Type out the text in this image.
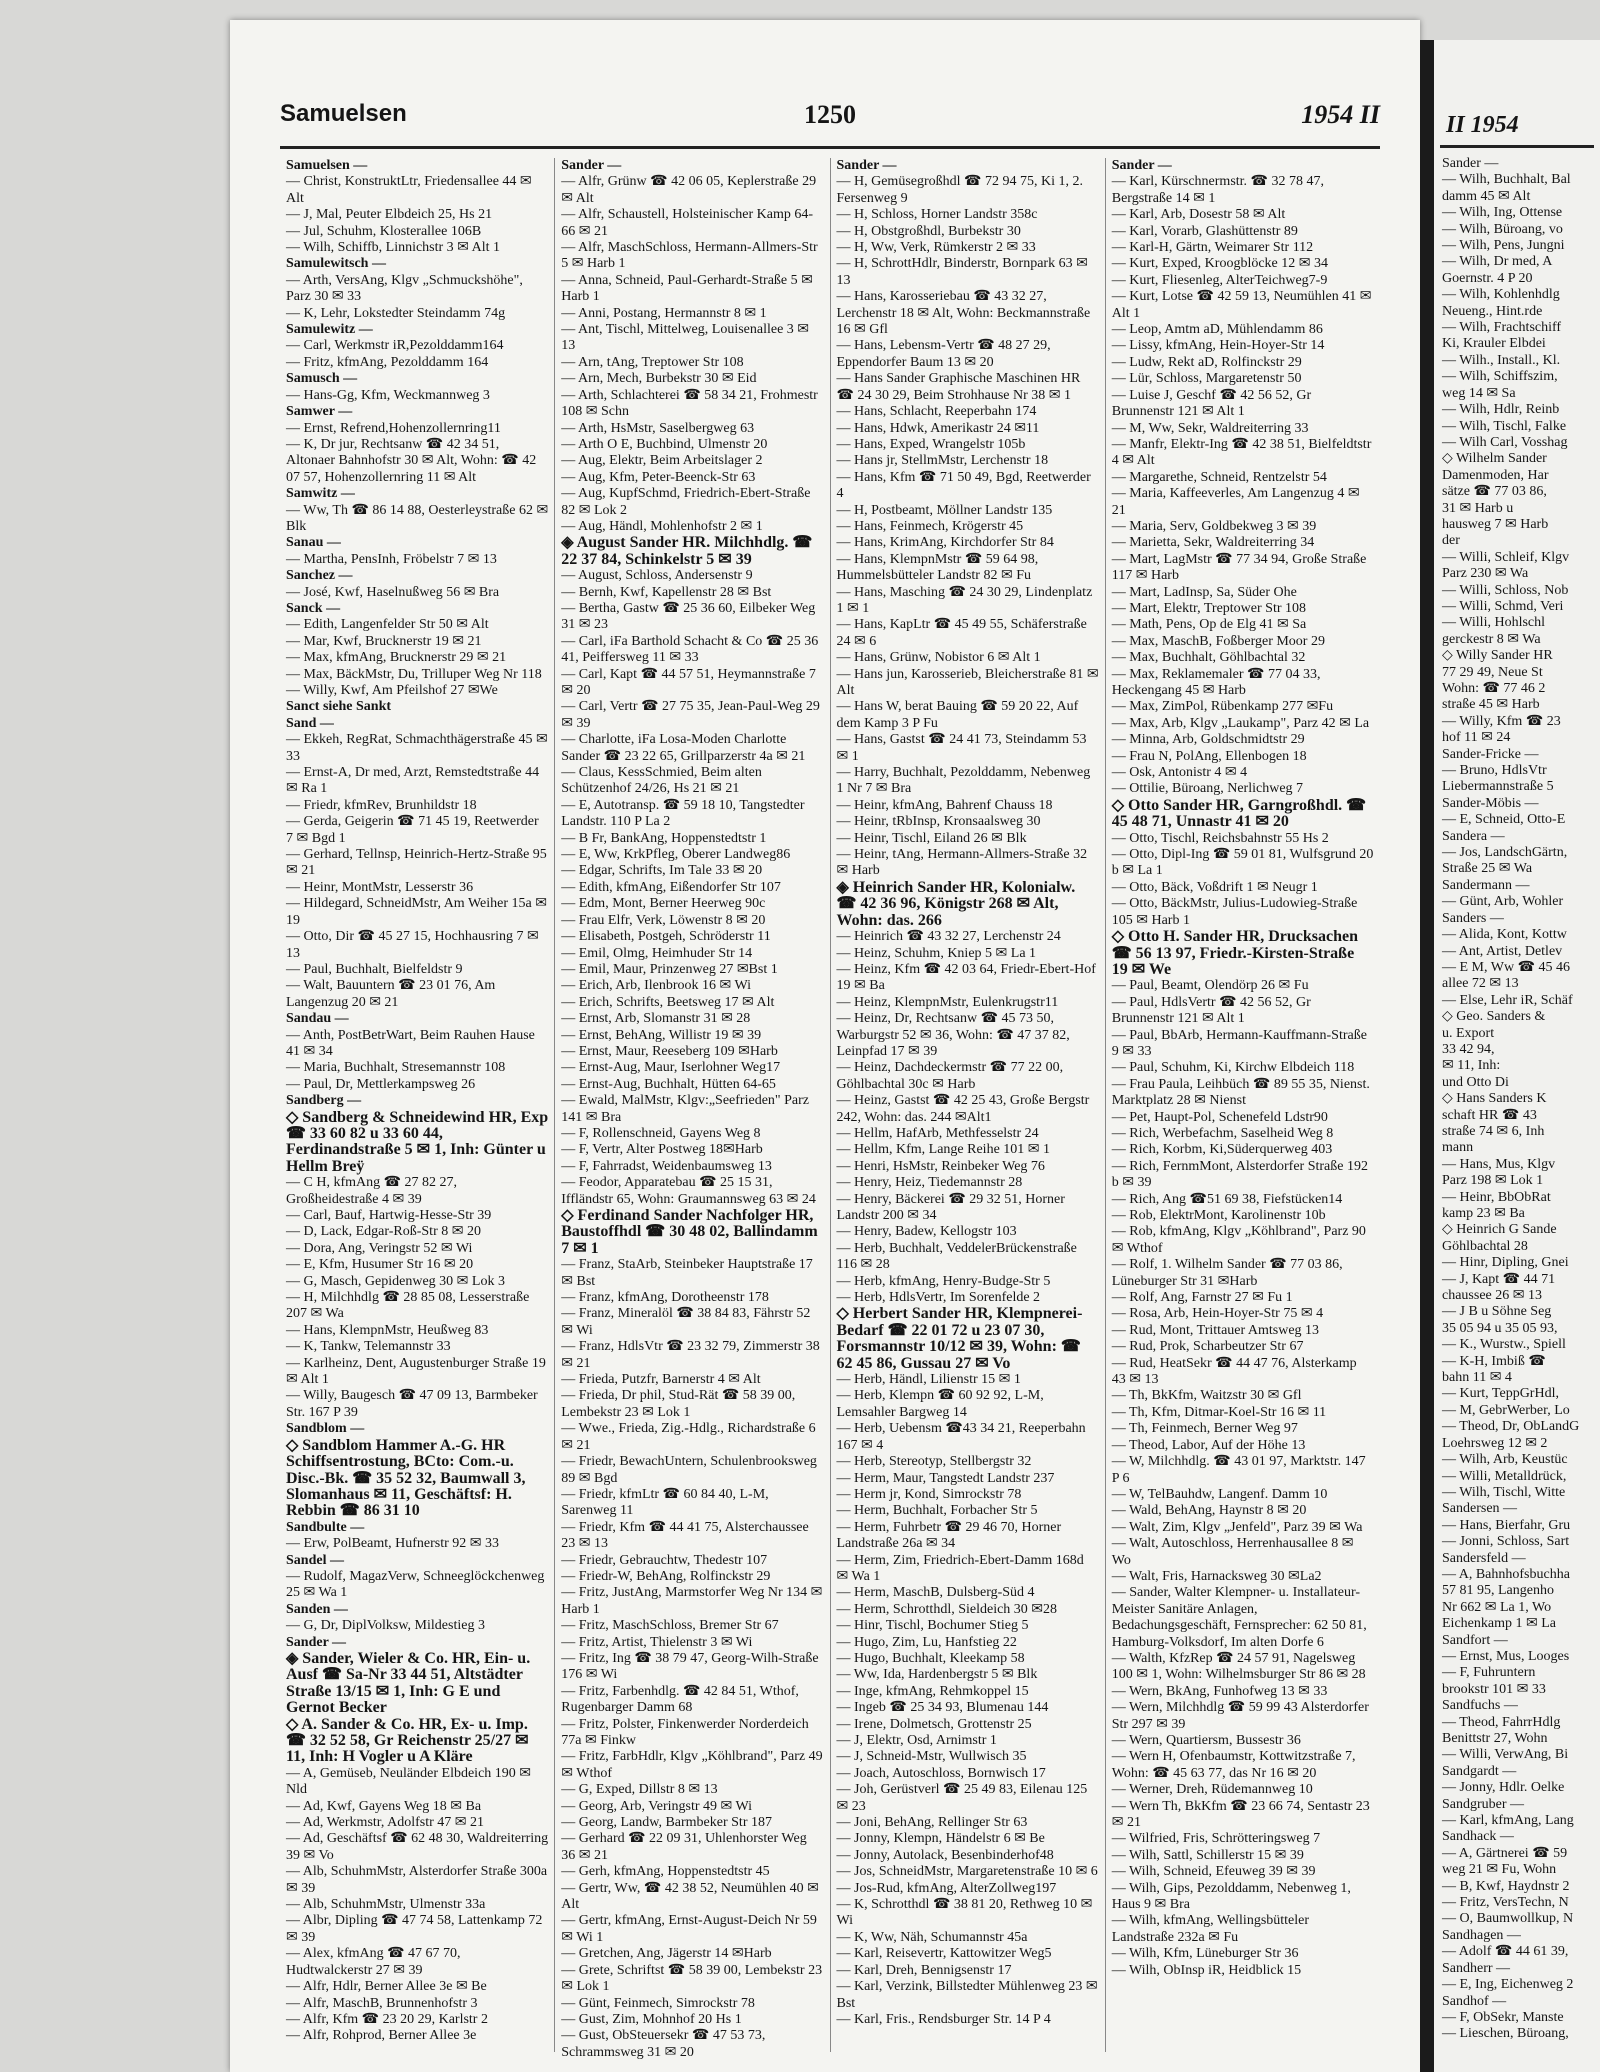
Samuelsen	1250	1954 II
Samuelsen —
— Christ, KonstruktLtr, Friedensallee 44 ✉ Alt
— J, Mal, Peuter Elbdeich 25, Hs 21
— Jul, Schuhm, Klosterallee 106B
— Wilh, Schiffb, Linnichstr 3 ✉ Alt 1
Samulewitsch —
— Arth, VersAng, Klgv „Schmuckshöhe", Parz 30 ✉ 33
— K, Lehr, Lokstedter Steindamm 74g
Samulewitz —
— Carl, Werkmstr iR,Pezolddamm164
— Fritz, kfmAng, Pezolddamm 164
Samusch —
— Hans-Gg, Kfm, Weckmannweg 3
Samwer —
— Ernst, Refrend,Hohenzollernring11
— K, Dr jur, Rechtsanw ☎ 42 34 51, Altonaer Bahnhofstr 30 ✉ Alt, Wohn: ☎ 42 07 57, Hohenzollernring 11 ✉ Alt
Samwitz —
— Ww, Th ☎ 86 14 88, Oesterleystraße 62 ✉ Blk
Sanau —
— Martha, PensInh, Fröbelstr 7 ✉ 13
Sanchez —
— José, Kwf, Haselnußweg 56 ✉ Bra
Sanck —
— Edith, Langenfelder Str 50 ✉ Alt
— Mar, Kwf, Brucknerstr 19 ✉ 21
— Max, kfmAng, Brucknerstr 29 ✉ 21
— Max, BäckMstr, Du, Trilluper Weg Nr 118
— Willy, Kwf, Am Pfeilshof 27 ✉We
Sanct siehe Sankt
Sand —
— Ekkeh, RegRat, Schmachthägerstraße 45 ✉ 33
— Ernst-A, Dr med, Arzt, Remstedtstraße 44 ✉ Ra 1
— Friedr, kfmRev, Brunhildstr 18
— Gerda, Geigerin ☎ 71 45 19, Reetwerder 7 ✉ Bgd 1
— Gerhard, Tellnsp, Heinrich-Hertz-Straße 95 ✉ 21
— Heinr, MontMstr, Lesserstr 36
— Hildegard, SchneidMstr, Am Weiher 15a ✉ 19
— Otto, Dir ☎ 45 27 15, Hochhausring 7 ✉ 13
— Paul, Buchhalt, Bielfeldstr 9
— Walt, Bauuntern ☎ 23 01 76, Am Langenzug 20 ✉ 21
Sandau —
— Anth, PostBetrWart, Beim Rauhen Hause 41 ✉ 34
— Maria, Buchhalt, Stresemannstr 108
— Paul, Dr, Mettlerkampsweg 26
Sandberg —
◇ Sandberg & Schneidewind HR, Exp ☎ 33 60 82 u 33 60 44, Ferdinandstraße 5 ✉ 1, Inh: Günter u Hellm Breÿ
— C H, kfmAng ☎ 27 82 27, Großheidestraße 4 ✉ 39
— Carl, Bauf, Hartwig-Hesse-Str 39
— D, Lack, Edgar-Roß-Str 8 ✉ 20
— Dora, Ang, Veringstr 52 ✉ Wi
— E, Kfm, Husumer Str 16 ✉ 20
— G, Masch, Gepidenweg 30 ✉ Lok 3
— H, Milchhdlg ☎ 28 85 08, Lesserstraße 207 ✉ Wa
— Hans, KlempnMstr, Heußweg 83
— K, Tankw, Telemannstr 33
— Karlheinz, Dent, Augustenburger Straße 19 ✉ Alt 1
— Willy, Baugesch ☎ 47 09 13, Barmbeker Str. 167 P 39
Sandblom —
◇ Sandblom Hammer A.-G. HR Schiffsentrostung, BCto: Com.-u. Disc.-Bk. ☎ 35 52 32, Baumwall 3, Slomanhaus ✉ 11, Geschäftsf: H. Rebbin ☎ 86 31 10
Sandbulte —
— Erw, PolBeamt, Hufnerstr 92 ✉ 33
Sandel —
— Rudolf, MagazVerw, Schneeglöckchenweg 25 ✉ Wa 1
Sanden —
— G, Dr, DiplVolksw, Mildestieg 3
Sander —
◈ Sander, Wieler & Co. HR, Ein- u. Ausf ☎ Sa-Nr 33 44 51, Altstädter Straße 13/15 ✉ 1, Inh: G E und Gernot Becker
◇ A. Sander & Co. HR, Ex- u. Imp. ☎ 32 52 58, Gr Reichenstr 25/27 ✉ 11, Inh: H Vogler u A Kläre
— A, Gemüseb, Neuländer Elbdeich 190 ✉ Nld
— Ad, Kwf, Gayens Weg 18 ✉ Ba
— Ad, Werkmstr, Adolfstr 47 ✉ 21
— Ad, Geschäftsf ☎ 62 48 30, Waldreiterring 39 ✉ Vo
— Alb, SchuhmMstr, Alsterdorfer Straße 300a ✉ 39
— Alb, SchuhmMstr, Ulmenstr 33a
— Albr, Dipling ☎ 47 74 58, Lattenkamp 72 ✉ 39
— Alex, kfmAng ☎ 47 67 70, Hudtwalckerstr 27 ✉ 39
— Alfr, Hdlr, Berner Allee 3e ✉ Be
— Alfr, MaschB, Brunnenhofstr 3
— Alfr, Kfm ☎ 23 20 29, Karlstr 2
— Alfr, Rohprod, Berner Allee 3e
Sander —
— Alfr, Grünw ☎ 42 06 05, Keplerstraße 29 ✉ Alt
— Alfr, Schaustell, Holsteinischer Kamp 64-66 ✉ 21
— Alfr, MaschSchloss, Hermann-Allmers-Str 5 ✉ Harb 1
— Anna, Schneid, Paul-Gerhardt-Straße 5 ✉ Harb 1
— Anni, Postang, Hermannstr 8 ✉ 1
— Ant, Tischl, Mittelweg, Louisenallee 3 ✉ 13
— Arn, tAng, Treptower Str 108
— Arn, Mech, Burbekstr 30 ✉ Eid
— Arth, Schlachterei ☎ 58 34 21, Frohmestr 108 ✉ Schn
— Arth, HsMstr, Saselbergweg 63
— Arth O E, Buchbind, Ulmenstr 20
— Aug, Elektr, Beim Arbeitslager 2
— Aug, Kfm, Peter-Beenck-Str 63
— Aug, KupfSchmd, Friedrich-Ebert-Straße 82 ✉ Lok 2
— Aug, Händl, Mohlenhofstr 2 ✉ 1
◈ August Sander HR. Milchhdlg. ☎ 22 37 84, Schinkelstr 5 ✉ 39
— August, Schloss, Andersenstr 9
— Bernh, Kwf, Kapellenstr 28 ✉ Bst
— Bertha, Gastw ☎ 25 36 60, Eilbeker Weg 31 ✉ 23
— Carl, iFa Barthold Schacht & Co ☎ 25 36 41, Peiffersweg 11 ✉ 33
— Carl, Kapt ☎ 44 57 51, Heymannstraße 7 ✉ 20
— Carl, Vertr ☎ 27 75 35, Jean-Paul-Weg 29 ✉ 39
— Charlotte, iFa Losa-Moden Charlotte Sander ☎ 23 22 65, Grillparzerstr 4a ✉ 21
— Claus, KessSchmied, Beim alten Schützenhof 24/26, Hs 21 ✉ 21
— E, Autotransp. ☎ 59 18 10, Tangstedter Landstr. 110 P La 2
— B Fr, BankAng, Hoppenstedtstr 1
— E, Ww, KrkPfleg, Oberer Landweg86
— Edgar, Schrifts, Im Tale 33 ✉ 20
— Edith, kfmAng, Eißendorfer Str 107
— Edm, Mont, Berner Heerweg 90c
— Frau Elfr, Verk, Löwenstr 8 ✉ 20
— Elisabeth, Postgeh, Schröderstr 11
— Emil, Olmg, Heimhuder Str 14
— Emil, Maur, Prinzenweg 27 ✉Bst 1
— Erich, Arb, Ilenbrook 16 ✉ Wi
— Erich, Schrifts, Beetsweg 17 ✉ Alt
— Ernst, Arb, Slomanstr 31 ✉ 28
— Ernst, BehAng, Willistr 19 ✉ 39
— Ernst, Maur, Reeseberg 109 ✉Harb
— Ernst-Aug, Maur, Iserlohner Weg17
— Ernst-Aug, Buchhalt, Hütten 64-65
— Ewald, MalMstr, Klgv:„Seefrieden" Parz 141 ✉ Bra
— F, Rollenschneid, Gayens Weg 8
— F, Vertr, Alter Postweg 18✉Harb
— F, Fahrradst, Weidenbaumsweg 13
— Feodor, Apparatebau ☎ 25 15 31, Iffländstr 65, Wohn: Graumannsweg 63 ✉ 24
◇ Ferdinand Sander Nachfolger HR, Baustoffhdl ☎ 30 48 02, Ballindamm 7 ✉ 1
— Franz, StaArb, Steinbeker Hauptstraße 17 ✉ Bst
— Franz, kfmAng, Dorotheenstr 178
— Franz, Mineralöl ☎ 38 84 83, Fährstr 52 ✉ Wi
— Franz, HdlsVtr ☎ 23 32 79, Zimmerstr 38 ✉ 21
— Frieda, Putzfr, Barnerstr 4 ✉ Alt
— Frieda, Dr phil, Stud-Rät ☎ 58 39 00, Lembekstr 23 ✉ Lok 1
— Wwe., Frieda, Zig.-Hdlg., Richardstraße 6 ✉ 21
— Friedr, BewachUntern, Schulenbrooksweg 89 ✉ Bgd
— Friedr, kfmLtr ☎ 60 84 40, L-M, Sarenweg 11
— Friedr, Kfm ☎ 44 41 75, Alsterchaussee 23 ✉ 13
— Friedr, Gebrauchtw, Thedestr 107
— Friedr-W, BehAng, Rolfinckstr 29
— Fritz, JustAng, Marmstorfer Weg Nr 134 ✉ Harb 1
— Fritz, MaschSchloss, Bremer Str 67
— Fritz, Artist, Thielenstr 3 ✉ Wi
— Fritz, Ing ☎ 38 79 47, Georg-Wilh-Straße 176 ✉ Wi
— Fritz, Farbenhdlg. ☎ 42 84 51, Wthof, Rugenbarger Damm 68
— Fritz, Polster, Finkenwerder Norderdeich 77a ✉ Finkw
— Fritz, FarbHdlr, Klgv „Köhlbrand", Parz 49 ✉ Wthof
— G, Exped, Dillstr 8 ✉ 13
— Georg, Arb, Veringstr 49 ✉ Wi
— Georg, Landw, Barmbeker Str 187
— Gerhard ☎ 22 09 31, Uhlenhorster Weg 36 ✉ 21
— Gerh, kfmAng, Hoppenstedtstr 45
— Gertr, Ww, ☎ 42 38 52, Neumühlen 40 ✉ Alt
— Gertr, kfmAng, Ernst-August-Deich Nr 59 ✉ Wi 1
— Gretchen, Ang, Jägerstr 14 ✉Harb
— Grete, Schriftst ☎ 58 39 00, Lembekstr 23 ✉ Lok 1
— Günt, Feinmech, Simrockstr 78
— Gust, Zim, Mohnhof 20 Hs 1
— Gust, ObSteuersekr ☎ 47 53 73, Schrammsweg 31 ✉ 20
Sander —
— H, Gemüsegroßhdl ☎ 72 94 75, Ki 1, 2. Fersenweg 9
— H, Schloss, Horner Landstr 358c
— H, Obstgroßhdl, Burbekstr 30
— H, Ww, Verk, Rümkerstr 2 ✉ 33
— H, SchrottHdlr, Binderstr, Bornpark 63 ✉ 13
— Hans, Karosseriebau ☎ 43 32 27, Lerchenstr 18 ✉ Alt, Wohn: Beckmannstraße 16 ✉ Gfl
— Hans, Lebensm-Vertr ☎ 48 27 29, Eppendorfer Baum 13 ✉ 20
— Hans Sander Graphische Maschinen HR ☎ 24 30 29, Beim Strohhause Nr 38 ✉ 1
— Hans, Schlacht, Reeperbahn 174
— Hans, Hdwk, Amerikastr 24 ✉11
— Hans, Exped, Wrangelstr 105b
— Hans jr, StellmMstr, Lerchenstr 18
— Hans, Kfm ☎ 71 50 49, Bgd, Reetwerder 4
— H, Postbeamt, Möllner Landstr 135
— Hans, Feinmech, Krögerstr 45
— Hans, KrimAng, Kirchdorfer Str 84
— Hans, KlempnMstr ☎ 59 64 98, Hummelsbütteler Landstr 82 ✉ Fu
— Hans, Masching ☎ 24 30 29, Lindenplatz 1 ✉ 1
— Hans, KapLtr ☎ 45 49 55, Schäferstraße 24 ✉ 6
— Hans, Grünw, Nobistor 6 ✉ Alt 1
— Hans jun, Karosserieb, Bleicherstraße 81 ✉ Alt
— Hans W, berat Bauing ☎ 59 20 22, Auf dem Kamp 3 P Fu
— Hans, Gastst ☎ 24 41 73, Steindamm 53 ✉ 1
— Harry, Buchhalt, Pezolddamm, Nebenweg 1 Nr 7 ✉ Bra
— Heinr, kfmAng, Bahrenf Chauss 18
— Heinr, tRbInsp, Kronsaalsweg 30
— Heinr, Tischl, Eiland 26 ✉ Blk
— Heinr, tAng, Hermann-Allmers-Straße 32 ✉ Harb
◈ Heinrich Sander HR, Kolonialw. ☎ 42 36 96, Königstr 268 ✉ Alt, Wohn: das. 266
— Heinrich ☎ 43 32 27, Lerchenstr 24
— Heinz, Schuhm, Kniep 5 ✉ La 1
— Heinz, Kfm ☎ 42 03 64, Friedr-Ebert-Hof 19 ✉ Ba
— Heinz, KlempnMstr, Eulenkrugstr11
— Heinz, Dr, Rechtsanw ☎ 45 73 50, Warburgstr 52 ✉ 36, Wohn: ☎ 47 37 82, Leinpfad 17 ✉ 39
— Heinz, Dachdeckermstr ☎ 77 22 00, Göhlbachtal 30c ✉ Harb
— Heinz, Gastst ☎ 42 25 43, Große Bergstr 242, Wohn: das. 244 ✉Alt1
— Hellm, HafArb, Methfesselstr 24
— Hellm, Kfm, Lange Reihe 101 ✉ 1
— Henri, HsMstr, Reinbeker Weg 76
— Henry, Heiz, Tiedemannstr 28
— Henry, Bäckerei ☎ 29 32 51, Horner Landstr 200 ✉ 34
— Henry, Badew, Kellogstr 103
— Herb, Buchhalt, VeddelerBrückenstraße 116 ✉ 28
— Herb, kfmAng, Henry-Budge-Str 5
— Herb, HdlsVertr, Im Sorenfelde 2
◇ Herbert Sander HR, Klempnerei-Bedarf ☎ 22 01 72 u 23 07 30, Forsmannstr 10/12 ✉ 39, Wohn: ☎ 62 45 86, Gussau 27 ✉ Vo
— Herb, Händl, Lilienstr 15 ✉ 1
— Herb, Klempn ☎ 60 92 92, L-M, Lemsahler Bargweg 14
— Herb, Uebensm ☎43 34 21, Reeperbahn 167 ✉ 4
— Herb, Stereotyp, Stellbergstr 32
— Herm, Maur, Tangstedt Landstr 237
— Herm jr, Kond, Simrockstr 78
— Herm, Buchhalt, Forbacher Str 5
— Herm, Fuhrbetr ☎ 29 46 70, Horner Landstraße 26a ✉ 34
— Herm, Zim, Friedrich-Ebert-Damm 168d ✉ Wa 1
— Herm, MaschB, Dulsberg-Süd 4
— Herm, Schrotthdl, Sieldeich 30 ✉28
— Hinr, Tischl, Bochumer Stieg 5
— Hugo, Zim, Lu, Hanfstieg 22
— Hugo, Buchhalt, Kleekamp 58
— Ww, Ida, Hardenbergstr 5 ✉ Blk
— Inge, kfmAng, Rehmkoppel 15
— Ingeb ☎ 25 34 93, Blumenau 144
— Irene, Dolmetsch, Grottenstr 25
— J, Elektr, Osd, Arnimstr 1
— J, Schneid-Mstr, Wullwisch 35
— Joach, Autoschloss, Bornwisch 17
— Joh, Gerüstverl ☎ 25 49 83, Eilenau 125 ✉ 23
— Joni, BehAng, Rellinger Str 63
— Jonny, Klempn, Händelstr 6 ✉ Be
— Jonny, Autolack, Besenbinderhof48
— Jos, SchneidMstr, Margaretenstraße 10 ✉ 6
— Jos-Rud, kfmAng, AlterZollweg197
— K, Schrotthdl ☎ 38 81 20, Rethweg 10 ✉ Wi
— K, Ww, Näh, Schumannstr 45a
— Karl, Reisevertr, Kattowitzer Weg5
— Karl, Dreh, Bennigsenstr 17
— Karl, Verzink, Billstedter Mühlenweg 23 ✉ Bst
— Karl, Fris., Rendsburger Str. 14 P 4
Sander —
— Karl, Kürschnermstr. ☎ 32 78 47, Bergstraße 14 ✉ 1
— Karl, Arb, Dosestr 58 ✉ Alt
— Karl, Vorarb, Glashüttenstr 89
— Karl-H, Gärtn, Weimarer Str 112
— Kurt, Exped, Kroogblöcke 12 ✉ 34
— Kurt, Fliesenleg, AlterTeichweg7-9
— Kurt, Lotse ☎ 42 59 13, Neumühlen 41 ✉ Alt 1
— Leop, Amtm aD, Mühlendamm 86
— Lissy, kfmAng, Hein-Hoyer-Str 14
— Ludw, Rekt aD, Rolfinckstr 29
— Lür, Schloss, Margaretenstr 50
— Luise J, Geschf ☎ 42 56 52, Gr Brunnenstr 121 ✉ Alt 1
— M, Ww, Sekr, Waldreiterring 33
— Manfr, Elektr-Ing ☎ 42 38 51, Bielfeldtstr 4 ✉ Alt
— Margarethe, Schneid, Rentzelstr 54
— Maria, Kaffeeverles, Am Langenzug 4 ✉ 21
— Maria, Serv, Goldbekweg 3 ✉ 39
— Marietta, Sekr, Waldreiterring 34
— Mart, LagMstr ☎ 77 34 94, Große Straße 117 ✉ Harb
— Mart, LadInsp, Sa, Süder Ohe
— Mart, Elektr, Treptower Str 108
— Math, Pens, Op de Elg 41 ✉ Sa
— Max, MaschB, Foßberger Moor 29
— Max, Buchhalt, Göhlbachtal 32
— Max, Reklamemaler ☎ 77 04 33, Heckengang 45 ✉ Harb
— Max, ZimPol, Rübenkamp 277 ✉Fu
— Max, Arb, Klgv „Laukamp", Parz 42 ✉ La
— Minna, Arb, Goldschmidtstr 29
— Frau N, PolAng, Ellenbogen 18
— Osk, Antonistr 4 ✉ 4
— Ottilie, Büroang, Nerlichweg 7
◇ Otto Sander HR, Garngroßhdl. ☎ 45 48 71, Unnastr 41 ✉ 20
— Otto, Tischl, Reichsbahnstr 55 Hs 2
— Otto, Dipl-Ing ☎ 59 01 81, Wulfsgrund 20 b ✉ La 1
— Otto, Bäck, Voßdrift 1 ✉ Neugr 1
— Otto, BäckMstr, Julius-Ludowieg-Straße 105 ✉ Harb 1
◇ Otto H. Sander HR, Drucksachen ☎ 56 13 97, Friedr.-Kirsten-Straße 19 ✉ We
— Paul, Beamt, Olendörp 26 ✉ Fu
— Paul, HdlsVertr ☎ 42 56 52, Gr Brunnenstr 121 ✉ Alt 1
— Paul, BbArb, Hermann-Kauffmann-Straße 9 ✉ 33
— Paul, Schuhm, Ki, Kirchw Elbdeich 118
— Frau Paula, Leihbüch ☎ 89 55 35, Nienst. Marktplatz 28 ✉ Nienst
— Pet, Haupt-Pol, Schenefeld Ldstr90
— Rich, Werbefachm, Saselheid Weg 8
— Rich, Korbm, Ki,Süderquerweg 403
— Rich, FernmMont, Alsterdorfer Straße 192 b ✉ 39
— Rich, Ang ☎51 69 38, Fiefstücken14
— Rob, ElektrMont, Karolinenstr 10b
— Rob, kfmAng, Klgv „Köhlbrand", Parz 90 ✉ Wthof
— Rolf, 1. Wilhelm Sander ☎ 77 03 86, Lüneburger Str 31 ✉Harb
— Rolf, Ang, Farnstr 27 ✉ Fu 1
— Rosa, Arb, Hein-Hoyer-Str 75 ✉ 4
— Rud, Mont, Trittauer Amtsweg 13
— Rud, Prok, Scharbeutzer Str 67
— Rud, HeatSekr ☎ 44 47 76, Alsterkamp 43 ✉ 13
— Th, BkKfm, Waitzstr 30 ✉ Gfl
— Th, Kfm, Ditmar-Koel-Str 16 ✉ 11
— Th, Feinmech, Berner Weg 97
— Theod, Labor, Auf der Höhe 13
— W, Milchhdlg. ☎ 43 01 97, Marktstr. 147 P 6
— W, TelBauhdw, Langenf. Damm 10
— Wald, BehAng, Haynstr 8 ✉ 20
— Walt, Zim, Klgv „Jenfeld", Parz 39 ✉ Wa
— Walt, Autoschloss, Herrenhausallee 8 ✉ Wo
— Walt, Fris, Harnacksweg 30 ✉La2
— Sander, Walter Klempner- u. Installateur-Meister Sanitäre Anlagen, Bedachungsgeschäft, Fernsprecher: 62 50 81, Hamburg-Volksdorf, Im alten Dorfe 6
— Walth, KfzRep ☎ 24 57 91, Nagelsweg 100 ✉ 1, Wohn: Wilhelmsburger Str 86 ✉ 28
— Wern, BkAng, Funhofweg 13 ✉ 33
— Wern, Milchhdlg ☎ 59 99 43 Alsterdorfer Str 297 ✉ 39
— Wern, Quartiersm, Bussestr 36
— Wern H, Ofenbaumstr, Kottwitzstraße 7, Wohn: ☎ 45 63 77, das Nr 16 ✉ 20
— Werner, Dreh, Rüdemannweg 10
— Wern Th, BkKfm ☎ 23 66 74, Sentastr 23 ✉ 21
— Wilfried, Fris, Schrötteringsweg 7
— Wilh, Sattl, Schillerstr 15 ✉ 39
— Wilh, Schneid, Efeuweg 39 ✉ 39
— Wilh, Gips, Pezolddamm, Nebenweg 1, Haus 9 ✉ Bra
— Wilh, kfmAng, Wellingsbütteler Landstraße 232a ✉ Fu
— Wilh, Kfm, Lüneburger Str 36
— Wilh, ObInsp iR, Heidblick 15
II 1954
Sander —
— Wilh, Buchhalt, Bal
damm 45 ✉ Alt
— Wilh, Ing, Ottense
— Wilh, Büroang, vo
— Wilh, Pens, Jungni
— Wilh, Dr med, A
Goernstr. 4 P 20
— Wilh, Kohlenhdlg
Neueng., Hint.rde
— Wilh, Frachtschiff
Ki, Krauler Elbdei
— Wilh., Install., Kl.
— Wilh, Schiffszim,
weg 14 ✉ Sa
— Wilh, Hdlr, Reinb
— Wilh, Tischl, Falke
— Wilh Carl, Vosshag
◇ Wilhelm Sander
Damenmoden, Har
sätze ☎ 77 03 86,
31 ✉ Harb u
hausweg 7 ✉ Harb
der
— Willi, Schleif, Klgv
Parz 230 ✉ Wa
— Willi, Schloss, Nob
— Willi, Schmd, Veri
— Willi, Hohlschl
gerckestr 8 ✉ Wa
◇ Willy Sander HR
77 29 49, Neue St
Wohn: ☎ 77 46 2
straße 45 ✉ Harb
— Willy, Kfm ☎ 23
hof 11 ✉ 24
Sander-Fricke —
— Bruno, HdlsVtr
Liebermannstraße 5
Sander-Möbis —
— E, Schneid, Otto-E
Sandera —
— Jos, LandschGärtn,
Straße 25 ✉ Wa
Sandermann —
— Günt, Arb, Wohler
Sanders —
— Alida, Kont, Kottw
— Ant, Artist, Detlev
— E M, Ww ☎ 45 46
allee 72 ✉ 13
— Else, Lehr iR, Schäf
◇ Geo. Sanders &
u. Export
33 42 94,
✉ 11, Inh:
und Otto Di
◇ Hans Sanders K
schaft HR ☎ 43
straße 74 ✉ 6, Inh
mann
— Hans, Mus, Klgv
Parz 198 ✉ Lok 1
— Heinr, BbObRat
kamp 23 ✉ Ba
◇ Heinrich G Sande
Göhlbachtal 28
— Hinr, Dipling, Gnei
— J, Kapt ☎ 44 71
chaussee 26 ✉ 13
— J B u Söhne Seg
35 05 94 u 35 05 93,
— K., Wurstw., Spiell
— K-H, Imbiß ☎
bahn 11 ✉ 4
— Kurt, TeppGrHdl,
— M, GebrWerber, Lo
— Theod, Dr, ObLandG
Loehrsweg 12 ✉ 2
— Wilh, Arb, Keustüc
— Willi, Metalldrück,
— Wilh, Tischl, Witte
Sandersen —
— Hans, Bierfahr, Gru
— Jonni, Schloss, Sart
Sandersfeld —
— A, Bahnhofsbuchha
57 81 95, Langenho
Nr 662 ✉ La 1, Wo
Eichenkamp 1 ✉ La
Sandfort —
— Ernst, Mus, Looges
— F, Fuhruntern
brookstr 101 ✉ 33
Sandfuchs —
— Theod, FahrrHdlg
Benittstr 27, Wohn
— Willi, VerwAng, Bi
Sandgardt —
— Jonny, Hdlr. Oelke
Sandgruber —
— Karl, kfmAng, Lang
Sandhack —
— A, Gärtnerei ☎ 59
weg 21 ✉ Fu, Wohn
— B, Kwf, Haydnstr 2
— Fritz, VersTechn, N
— O, Baumwollkup, N
Sandhagen —
— Adolf ☎ 44 61 39,
Sandherr —
— E, Ing, Eichenweg 2
Sandhof —
— F, ObSekr, Manste
— Lieschen, Büroang,
